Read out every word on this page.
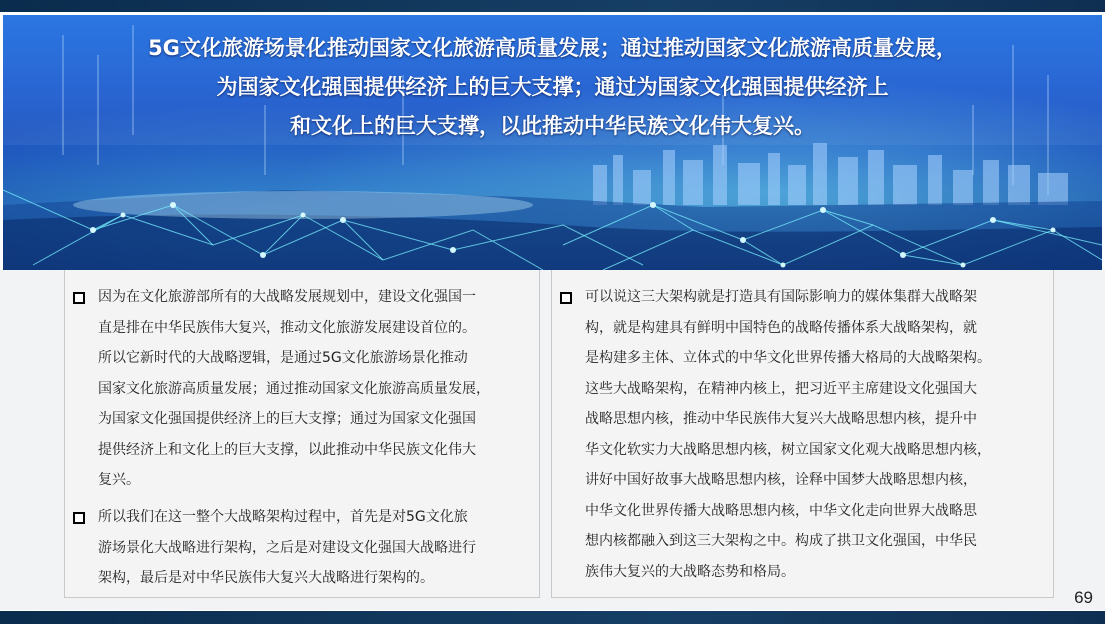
5G文化旅游场景化推动国家文化旅游高质量发展；通过推动国家文化旅游高质量发展，
为国家文化强国提供经济上的巨大支撑；通过为国家文化强国提供经济上
和文化上的巨大支撑，以此推动中华民族文化伟大复兴。
因为在文化旅游部所有的大战略发展规划中，建设文化强国一
直是排在中华民族伟大复兴，推动文化旅游发展建设首位的。
所以它新时代的大战略逻辑，是通过5G文化旅游场景化推动
国家文化旅游高质量发展；通过推动国家文化旅游高质量发展，
为国家文化强国提供经济上的巨大支撑；通过为国家文化强国
提供经济上和文化上的巨大支撑，以此推动中华民族文化伟大
复兴。
所以我们在这一整个大战略架构过程中，首先是对5G文化旅
游场景化大战略进行架构，之后是对建设文化强国大战略进行
架构，最后是对中华民族伟大复兴大战略进行架构的。
可以说这三大架构就是打造具有国际影响力的媒体集群大战略架
构，就是构建具有鲜明中国特色的战略传播体系大战略架构，就
是构建多主体、立体式的中华文化世界传播大格局的大战略架构。
这些大战略架构，在精神内核上，把习近平主席建设文化强国大
战略思想内核，推动中华民族伟大复兴大战略思想内核，提升中
华文化软实力大战略思想内核，树立国家文化观大战略思想内核，
讲好中国好故事大战略思想内核，诠释中国梦大战略思想内核，
中华文化世界传播大战略思想内核，中华文化走向世界大战略思
想内核都融入到这三大架构之中。构成了拱卫文化强国，中华民
族伟大复兴的大战略态势和格局。
69
